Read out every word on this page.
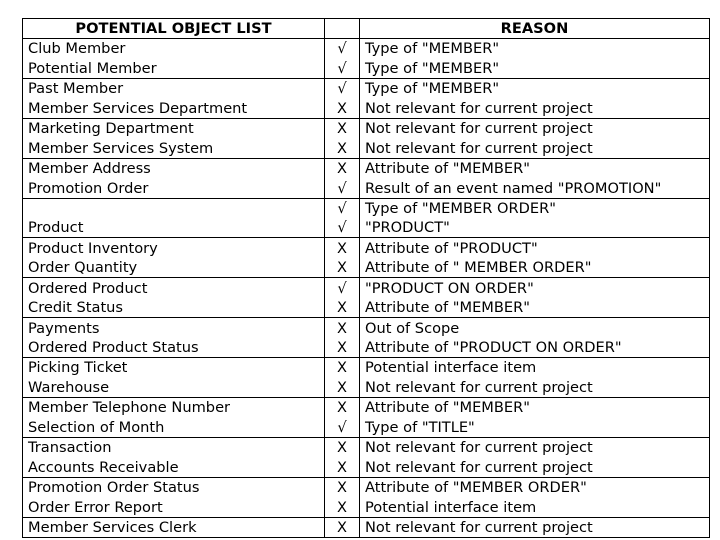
POTENTIAL OBJECT LIST		REASON
Club Member	√	Type of "MEMBER"
Potential Member	√	Type of "MEMBER"
Past Member	√	Type of "MEMBER"
Member Services Department	X	Not relevant for current project
Marketing Department	X	Not relevant for current project
Member Services System	X	Not relevant for current project
Member Address	X	Attribute of "MEMBER"
Promotion Order	√	Result of an event named "PROMOTION"
	√	Type of "MEMBER ORDER"
Product	√	"PRODUCT"
Product Inventory	X	Attribute of "PRODUCT"
Order Quantity	X	Attribute of " MEMBER ORDER"
Ordered Product	√	"PRODUCT ON ORDER"
Credit Status	X	Attribute of "MEMBER"
Payments	X	Out of Scope
Ordered Product Status	X	Attribute of "PRODUCT ON ORDER"
Picking Ticket	X	Potential interface item
Warehouse	X	Not relevant for current project
Member Telephone Number	X	Attribute of "MEMBER"
Selection of Month	√	Type of "TITLE"
Transaction	X	Not relevant for current project
Accounts Receivable	X	Not relevant for current project
Promotion Order Status	X	Attribute of "MEMBER ORDER"
Order Error Report	X	Potential interface item
Member Services Clerk	X	Not relevant for current project
